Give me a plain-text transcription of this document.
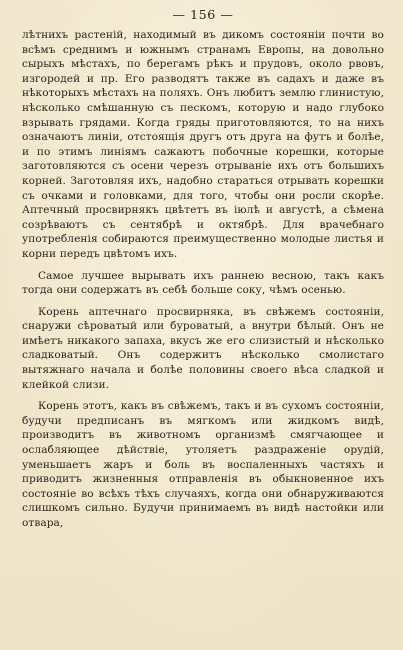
— 156 —

лѣтнихъ растеній, находимый въ дикомъ состояніи почти во всѣмъ среднимъ и южнымъ странамъ Европы, на довольно сырыхъ мѣстахъ, по берегамъ рѣкъ и прудовъ, около рвовъ, изгородей и пр. Его разводятъ также въ садахъ и даже въ нѣкоторыхъ мѣстахъ на поляхъ. Онъ любитъ землю глинистую, нѣсколько смѣшанную съ пескомъ, которую и надо глубоко взрывать грядами. Когда гряды приготовляются, то на нихъ означаютъ линіи, отстоящія другъ отъ друга на футъ и болѣе, и по этимъ линіямъ сажаютъ побочные корешки, которые заготовляются съ осени черезъ отрываніе ихъ отъ большихъ корней. Заготовляя ихъ, надобно стараться отрывать корешки съ очками и головками, для того, чтобы они росли скорѣе. Аптечный просвирнякъ цвѣтетъ въ іюлѣ и августѣ, а сѣмена созрѣваютъ съ сентябрѣ и октябрѣ. Для врачебнаго употребленія собираются преимущественно молодые листья и корни передъ цвѣтомъ ихъ.

Самое лучшее вырывать ихъ раннею весною, такъ какъ тогда они содержатъ въ себѣ больше соку, чѣмъ осенью.

Корень аптечнаго просвирняка, въ свѣжемъ состояніи, снаружи сѣроватый или буроватый, а внутри бѣлый. Онъ не имѣетъ никакого запаха, вкусъ же его слизистый и нѣсколько сладковатый. Онъ содержитъ нѣсколько смолистаго вытяжнаго начала и болѣе половины своего вѣса сладкой и клейкой слизи.

Корень этотъ, какъ въ свѣжемъ, такъ и въ сухомъ состояніи, будучи предписанъ въ мягкомъ или жидкомъ видѣ, производитъ въ животномъ организмѣ смягчающее и ослабляющее дѣйствіе, утоляетъ раздраженіе орудій, уменьшаетъ жаръ и боль въ воспаленныхъ частяхъ и приводитъ жизненныя отправленія въ обыкновенное ихъ состояніе во всѣхъ тѣхъ случаяхъ, когда они обнаруживаются слишкомъ сильно. Будучи принимаемъ въ видѣ настойки или отвара,
